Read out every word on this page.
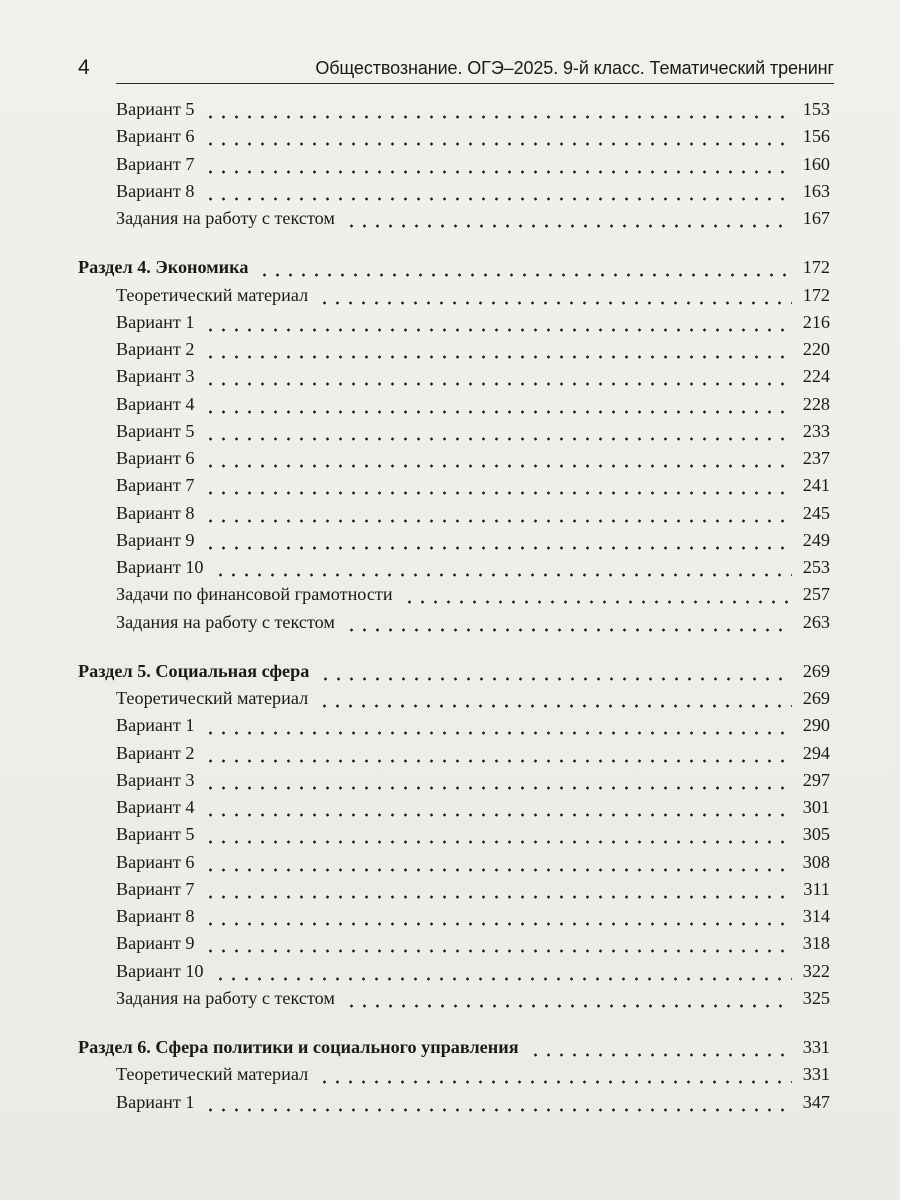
4	Обществознание. ОГЭ–2025. 9-й класс. Тематический тренинг
Вариант 5	153
Вариант 6	156
Вариант 7	160
Вариант 8	163
Задания на работу с текстом	167
Раздел 4. Экономика	172
Теоретический материал	172
Вариант 1	216
Вариант 2	220
Вариант 3	224
Вариант 4	228
Вариант 5	233
Вариант 6	237
Вариант 7	241
Вариант 8	245
Вариант 9	249
Вариант 10	253
Задачи по финансовой грамотности	257
Задания на работу с текстом	263
Раздел 5. Социальная сфера	269
Теоретический материал	269
Вариант 1	290
Вариант 2	294
Вариант 3	297
Вариант 4	301
Вариант 5	305
Вариант 6	308
Вариант 7	311
Вариант 8	314
Вариант 9	318
Вариант 10	322
Задания на работу с текстом	325
Раздел 6. Сфера политики и социального управления	331
Теоретический материал	331
Вариант 1	347
